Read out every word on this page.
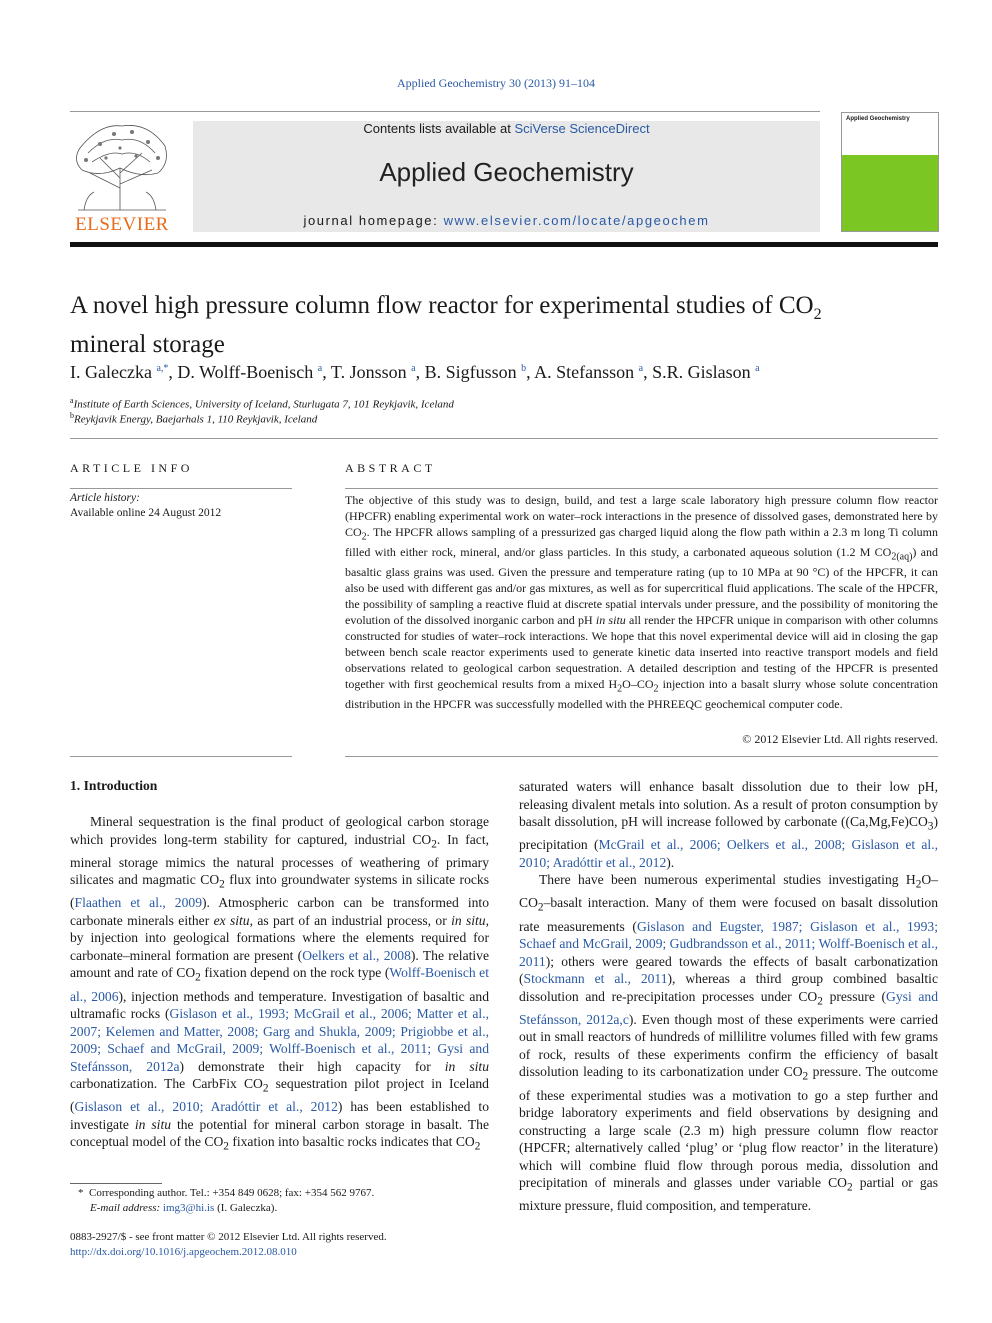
Applied Geochemistry 30 (2013) 91–104
ELSEVIER
Contents lists available at SciVerse ScienceDirect
Applied Geochemistry
journal homepage: www.elsevier.com/locate/apgeochem
Applied Geochemistry
A novel high pressure column flow reactor for experimental studies of $CO_2$
mineral storage
I. Galeczka $^{a,*}$, D. Wolff-Boenisch $^a$, T. Jonsson $^a$, B. Sigfusson $^b$, A. Stefansson $^a$, S.R. Gislason $^a$
$^a$Institute of Earth Sciences, University of Iceland, Sturlugata 7, 101 Reykjavik, Iceland
$^b$Reykjavik Energy, Baejarhals 1, 110 Reykjavik, Iceland
ARTICLE INFO	ABSTRACT
Article history:
Available online 24 August 2012
The objective of this study was to design, build, and test a large scale laboratory high pressure column flow reactor (HPCFR) enabling experimental work on water–rock interactions in the presence of dissolved gases, demonstrated here by $CO_2$. The HPCFR allows sampling of a pressurized gas charged liquid along the flow path within a 2.3 m long Ti column filled with either rock, mineral, and/or glass particles. In this study, a carbonated aqueous solution (1.2 M $CO_{2(aq)}$) and basaltic glass grains was used. Given the pressure and temperature rating (up to 10 MPa at 90 °C) of the HPCFR, it can also be used with different gas and/or gas mixtures, as well as for supercritical fluid applications. The scale of the HPCFR, the possibility of sampling a reactive fluid at discrete spatial intervals under pressure, and the possibility of monitoring the evolution of the dissolved inorganic carbon and pH in situ all render the HPCFR unique in comparison with other columns constructed for studies of water–rock interactions. We hope that this novel experimental device will aid in closing the gap between bench scale reactor experiments used to generate kinetic data inserted into reactive transport models and field observations related to geological carbon sequestration. A detailed description and testing of the HPCFR is presented together with first geochemical results from a mixed $H_2O-CO_2$ injection into a basalt slurry whose solute concentration distribution in the HPCFR was successfully modelled with the PHREEQC geochemical computer code.
© 2012 Elsevier Ltd. All rights reserved.
1. Introduction

Mineral sequestration is the final product of geological carbon storage which provides long-term stability for captured, industrial $CO_2$. In fact, mineral storage mimics the natural processes of weathering of primary silicates and magmatic $CO_2$ flux into groundwater systems in silicate rocks (Flaathen et al., 2009). Atmospheric carbon can be transformed into carbonate minerals either ex situ, as part of an industrial process, or in situ, by injection into geological formations where the elements required for carbonate–mineral formation are present (Oelkers et al., 2008). The relative amount and rate of $CO_2$ fixation depend on the rock type (Wolff-Boenisch et al., 2006), injection methods and temperature. Investigation of basaltic and ultramafic rocks (Gislason et al., 1993; McGrail et al., 2006; Matter et al., 2007; Kelemen and Matter, 2008; Garg and Shukla, 2009; Prigiobbe et al., 2009; Schaef and McGrail, 2009; Wolff-Boenisch et al., 2011; Gysi and Stefánsson, 2012a) demonstrate their high capacity for in situ carbonatization. The CarbFix $CO_2$ sequestration pilot project in Iceland (Gislason et al., 2010; Aradóttir et al., 2012) has been established to investigate in situ the potential for mineral carbon storage in basalt. The conceptual model of the $CO_2$ fixation into basaltic rocks indicates that $CO_2$

saturated waters will enhance basalt dissolution due to their low pH, releasing divalent metals into solution. As a result of proton consumption by basalt dissolution, pH will increase followed by carbonate $((Ca,Mg,Fe)CO_3)$ precipitation (McGrail et al., 2006; Oelkers et al., 2008; Gislason et al., 2010; Aradóttir et al., 2012).

There have been numerous experimental studies investigating $H_2O-CO_2$–basalt interaction. Many of them were focused on basalt dissolution rate measurements (Gislason and Eugster, 1987; Gislason et al., 1993; Schaef and McGrail, 2009; Gudbrandsson et al., 2011; Wolff-Boenisch et al., 2011); others were geared towards the effects of basalt carbonatization (Stockmann et al., 2011), whereas a third group combined basaltic dissolution and re-precipitation processes under $CO_2$ pressure (Gysi and Stefánsson, 2012a,c). Even though most of these experiments were carried out in small reactors of hundreds of millilitre volumes filled with few grams of rock, results of these experiments confirm the efficiency of basalt dissolution leading to its carbonatization under $CO_2$ pressure. The outcome of these experimental studies was a motivation to go a step further and bridge laboratory experiments and field observations by designing and constructing a large scale (2.3 m) high pressure column flow reactor (HPCFR; alternatively called ‘plug’ or ‘plug flow reactor’ in the literature) which will combine fluid flow through porous media, dissolution and precipitation of minerals and glasses under variable $CO_2$ partial or gas mixture pressure, fluid composition, and temperature.

* Corresponding author. Tel.: +354 849 0628; fax: +354 562 9767.
E-mail address: img3@hi.is (I. Galeczka).
0883-2927/$ - see front matter © 2012 Elsevier Ltd. All rights reserved.
http://dx.doi.org/10.1016/j.apgeochem.2012.08.010
